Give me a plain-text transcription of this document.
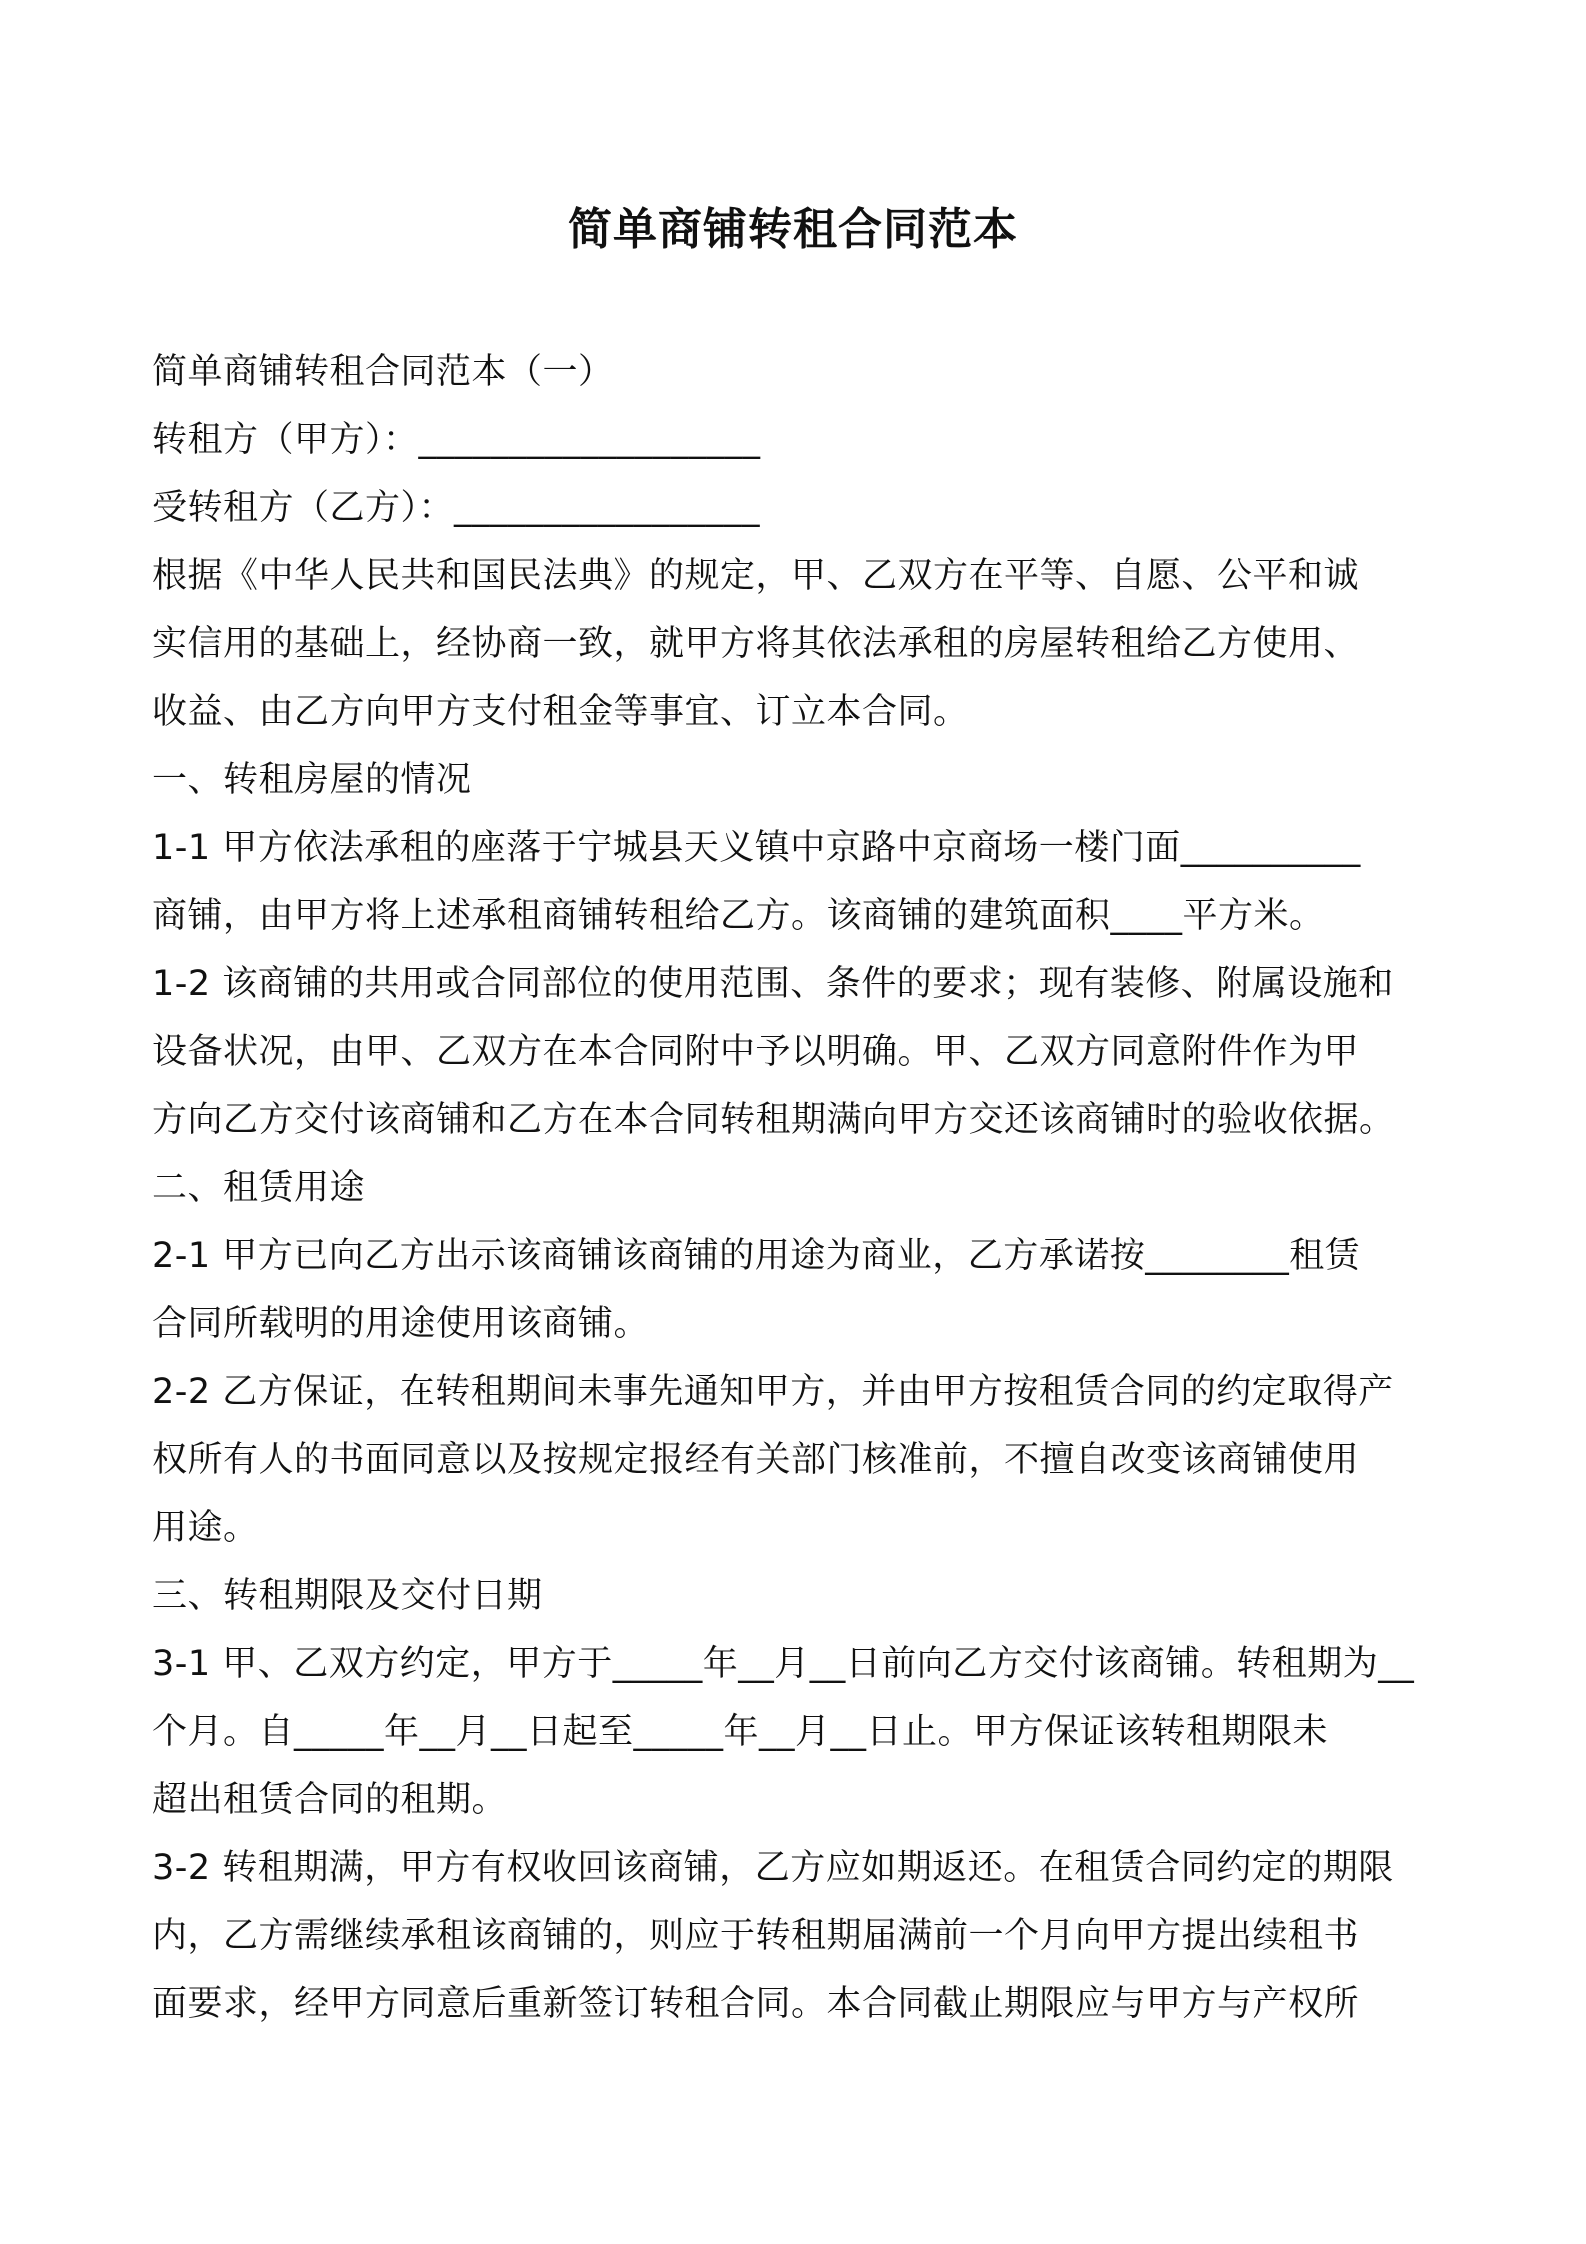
简单商铺转租合同范本
简单商铺转租合同范本（一）
转租方（甲方）：___________________
受转租方（乙方）：_________________
根据《中华人民共和国民法典》的规定，甲、乙双方在平等、自愿、公平和诚
实信用的基础上，经协商一致，就甲方将其依法承租的房屋转租给乙方使用、
收益、由乙方向甲方支付租金等事宜、订立本合同。
一、转租房屋的情况
1-1 甲方依法承租的座落于宁城县天义镇中京路中京商场一楼门面__________
商铺，由甲方将上述承租商铺转租给乙方。该商铺的建筑面积____平方米。
1-2 该商铺的共用或合同部位的使用范围、条件的要求；现有装修、附属设施和
设备状况，由甲、乙双方在本合同附中予以明确。甲、乙双方同意附件作为甲
方向乙方交付该商铺和乙方在本合同转租期满向甲方交还该商铺时的验收依据。
二、租赁用途
2-1 甲方已向乙方出示该商铺该商铺的用途为商业，乙方承诺按________租赁
合同所载明的用途使用该商铺。
2-2 乙方保证，在转租期间未事先通知甲方，并由甲方按租赁合同的约定取得产
权所有人的书面同意以及按规定报经有关部门核准前，不擅自改变该商铺使用
用途。
三、转租期限及交付日期
3-1 甲、乙双方约定，甲方于_____年__月__日前向乙方交付该商铺。转租期为__
个月。自_____年__月__日起至_____年__月__日止。甲方保证该转租期限未
超出租赁合同的租期。
3-2 转租期满，甲方有权收回该商铺，乙方应如期返还。在租赁合同约定的期限
内，乙方需继续承租该商铺的，则应于转租期届满前一个月向甲方提出续租书
面要求，经甲方同意后重新签订转租合同。本合同截止期限应与甲方与产权所
